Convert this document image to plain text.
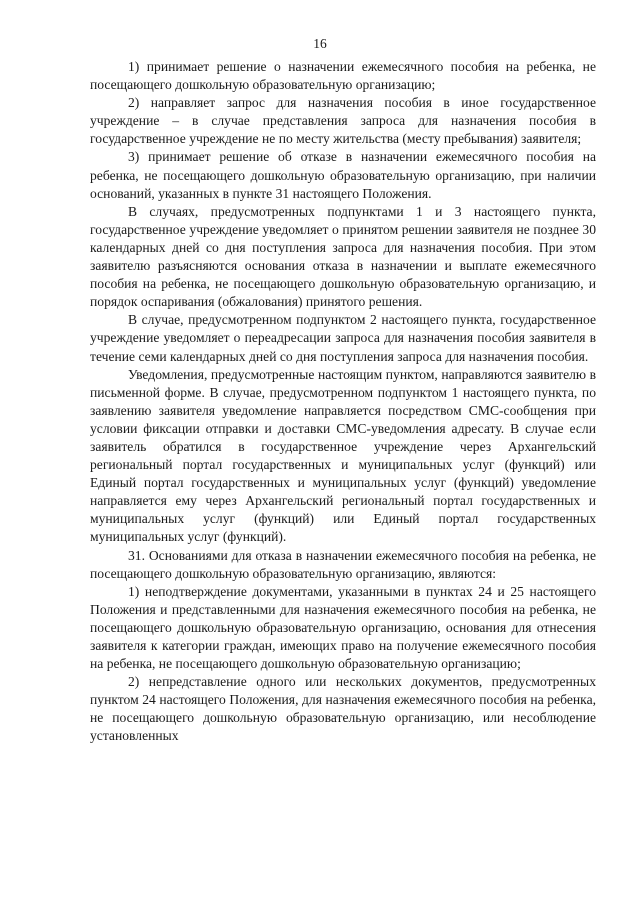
16

1) принимает решение о назначении ежемесячного пособия на ребенка, не посещающего дошкольную образовательную организацию;

2) направляет запрос для назначения пособия в иное государственное учреждение – в случае представления запроса для назначения пособия в государственное учреждение не по месту жительства (месту пребывания) заявителя;

3) принимает решение об отказе в назначении ежемесячного пособия на ребенка, не посещающего дошкольную образовательную организацию, при наличии оснований, указанных в пункте 31 настоящего Положения.

В случаях, предусмотренных подпунктами 1 и 3 настоящего пункта, государственное учреждение уведомляет о принятом решении заявителя не позднее 30 календарных дней со дня поступления запроса для назначения пособия. При этом заявителю разъясняются основания отказа в назначении и выплате ежемесячного пособия на ребенка, не посещающего дошкольную образовательную организацию, и порядок оспаривания (обжалования) принятого решения.

В случае, предусмотренном подпунктом 2 настоящего пункта, государственное учреждение уведомляет о переадресации запроса для назначения пособия заявителя в течение семи календарных дней со дня поступления запроса для назначения пособия.

Уведомления, предусмотренные настоящим пунктом, направляются заявителю в письменной форме. В случае, предусмотренном подпунктом 1 настоящего пункта, по заявлению заявителя уведомление направляется посредством СМС-сообщения при условии фиксации отправки и доставки СМС-уведомления адресату. В случае если заявитель обратился в государственное учреждение через Архангельский региональный портал государственных и муниципальных услуг (функций) или Единый портал государственных и муниципальных услуг (функций) уведомление направляется ему через Архангельский региональный портал государственных и муниципальных услуг (функций) или Единый портал государственных муниципальных услуг (функций).

31. Основаниями для отказа в назначении ежемесячного пособия на ребенка, не посещающего дошкольную образовательную организацию, являются:

1) неподтверждение документами, указанными в пунктах 24 и 25 настоящего Положения и представленными для назначения ежемесячного пособия на ребенка, не посещающего дошкольную образовательную организацию, основания для отнесения заявителя к категории граждан, имеющих право на получение ежемесячного пособия на ребенка, не посещающего дошкольную образовательную организацию;

2) непредставление одного или нескольких документов, предусмотренных пунктом 24 настоящего Положения, для назначения ежемесячного пособия на ребенка, не посещающего дошкольную образовательную организацию, или несоблюдение установленных
